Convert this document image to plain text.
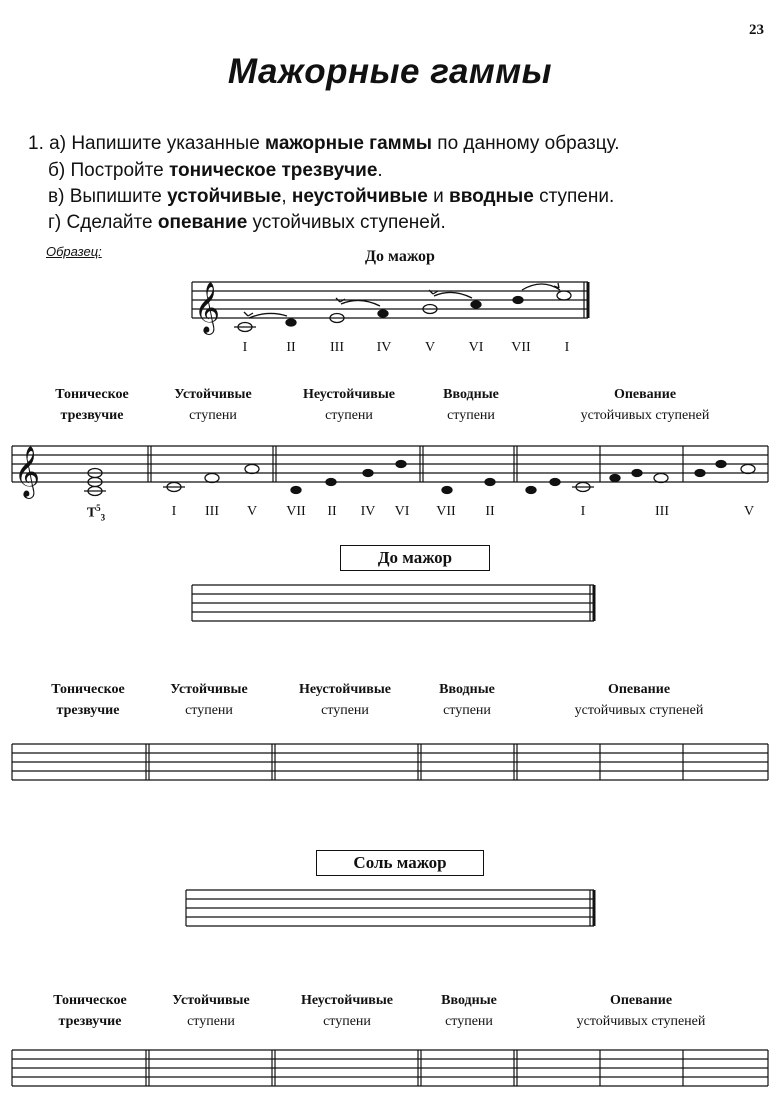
23
Мажорные гаммы
1. а) Напишите указанные мажорные гаммы по данному образцу.
б) Постройте тоническое трезвучие.
в) Выпишите устойчивые, неустойчивые и вводные ступени.
г) Сделайте опевание устойчивых ступеней.
Образец:	До мажор
𝄞
𝄞
I	II	III	IV	V	VI	VII	I
Тоническое
трезвучие
Устойчивые
ступени
Неустойчивые
ступени
Вводные
ступени
Опевание
устойчивых ступеней
$T^5_3$	I	III	V	VII	II	IV	VI	VII	II	I	III	V
До мажор
Тоническое
трезвучие
Устойчивые
ступени
Неустойчивые
ступени
Вводные
ступени
Опевание
устойчивых ступеней
Соль мажор
Тоническое
трезвучие
Устойчивые
ступени
Неустойчивые
ступени
Вводные
ступени
Опевание
устойчивых ступеней
